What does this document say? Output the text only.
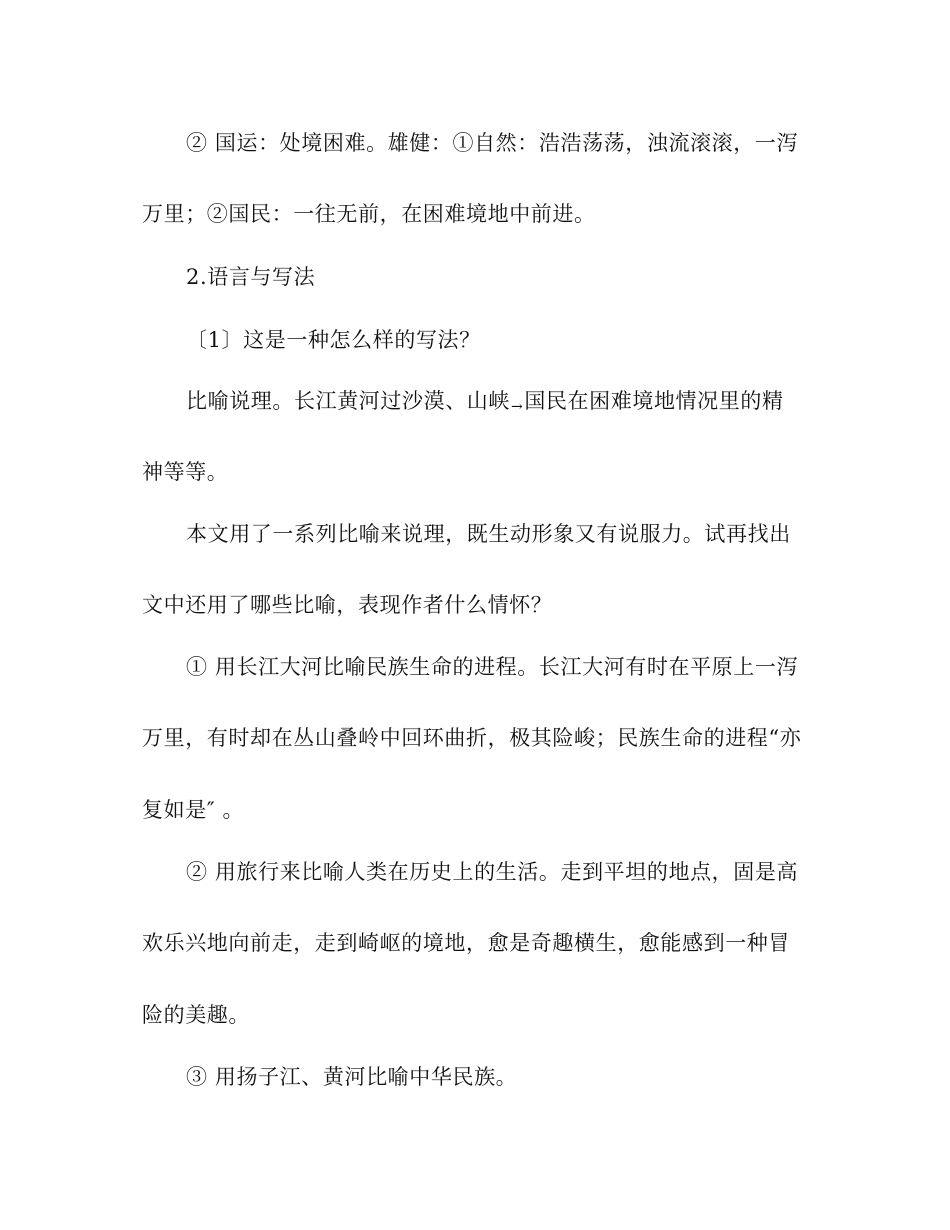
② 国运：处境困难。雄健：①自然：浩浩荡荡，浊流滚滚，一泻
万里；②国民：一往无前，在困难境地中前进。
2.语言与写法
〔1〕这是一种怎么样的写法？
比喻说理。长江黄河过沙漠、山峡→国民在困难境地情况里的精
神等等。
本文用了一系列比喻来说理，既生动形象又有说服力。试再找出
文中还用了哪些比喻，表现作者什么情怀？
① 用长江大河比喻民族生命的进程。长江大河有时在平原上一泻
万里，有时却在丛山叠岭中回环曲折，极其险峻；民族生命的进程“亦
复如是″ 。
② 用旅行来比喻人类在历史上的生活。走到平坦的地点，固是高
欢乐兴地向前走，走到崎岖的境地，愈是奇趣横生，愈能感到一种冒
险的美趣。
③ 用扬子江、黄河比喻中华民族。
